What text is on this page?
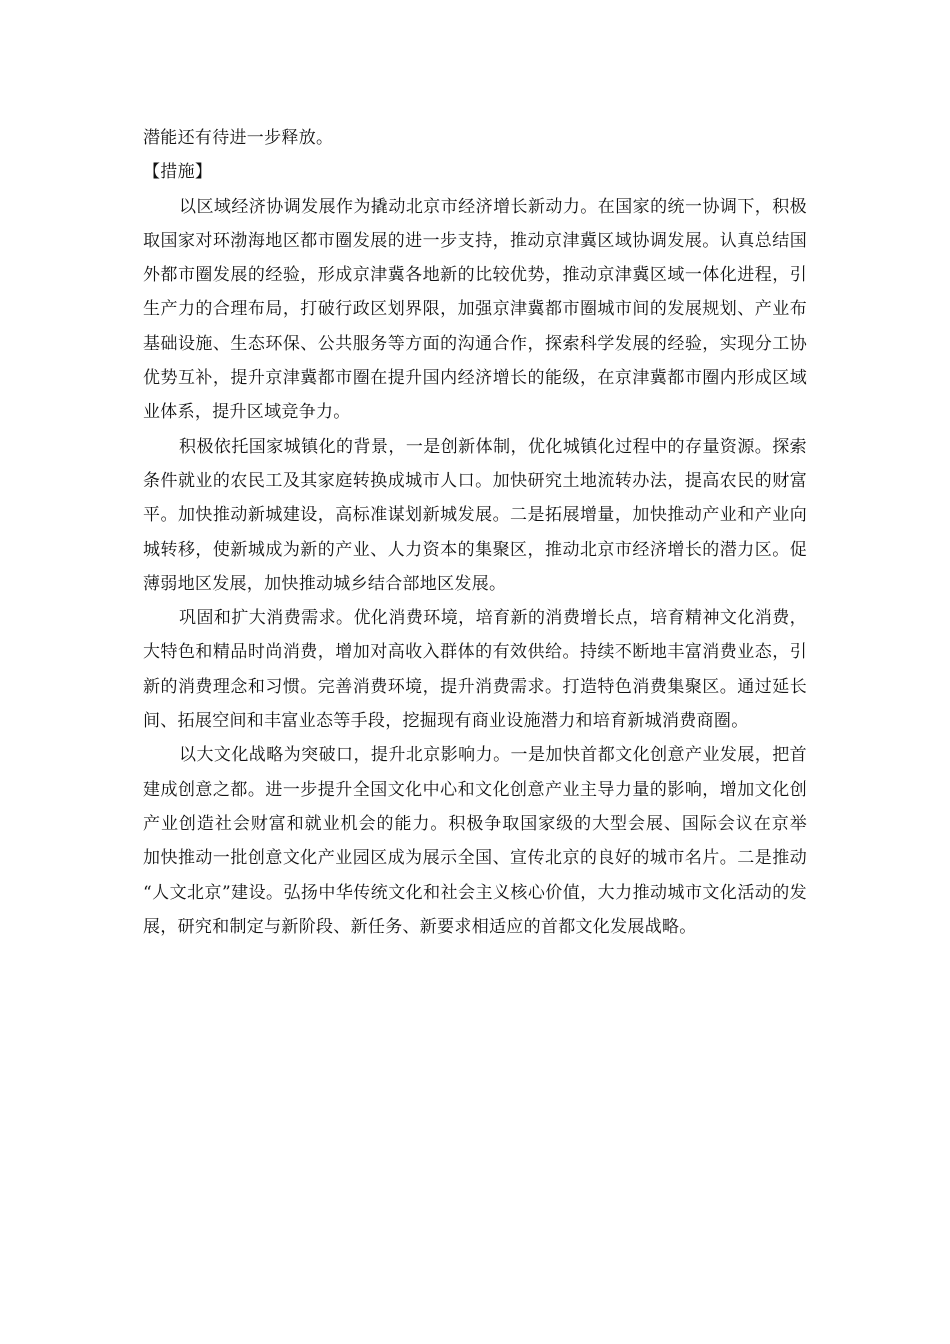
潜能还有待进一步释放。
【措施】
以区域经济协调发展作为撬动北京市经济增长新动力。在国家的统一协调下，积极
取国家对环渤海地区都市圈发展的进一步支持，推动京津冀区域协调发展。认真总结国
外都市圈发展的经验，形成京津冀各地新的比较优势，推动京津冀区域一体化进程，引
生产力的合理布局，打破行政区划界限，加强京津冀都市圈城市间的发展规划、产业布
基础设施、生态环保、公共服务等方面的沟通合作，探索科学发展的经验，实现分工协
优势互补，提升京津冀都市圈在提升国内经济增长的能级，在京津冀都市圈内形成区域
业体系，提升区域竞争力。
积极依托国家城镇化的背景，一是创新体制，优化城镇化过程中的存量资源。探索
条件就业的农民工及其家庭转换成城市人口。加快研究土地流转办法，提高农民的财富
平。加快推动新城建设，高标准谋划新城发展。二是拓展增量，加快推动产业和产业向
城转移，使新城成为新的产业、人力资本的集聚区，推动北京市经济增长的潜力区。促
薄弱地区发展，加快推动城乡结合部地区发展。
巩固和扩大消费需求。优化消费环境，培育新的消费增长点，培育精神文化消费，
大特色和精品时尚消费，增加对高收入群体的有效供给。持续不断地丰富消费业态，引
新的消费理念和习惯。完善消费环境，提升消费需求。打造特色消费集聚区。通过延长
间、拓展空间和丰富业态等手段，挖掘现有商业设施潜力和培育新城消费商圈。
以大文化战略为突破口，提升北京影响力。一是加快首都文化创意产业发展，把首
建成创意之都。进一步提升全国文化中心和文化创意产业主导力量的影响，增加文化创
产业创造社会财富和就业机会的能力。积极争取国家级的大型会展、国际会议在京举
加快推动一批创意文化产业园区成为展示全国、宣传北京的良好的城市名片。二是推动
“人文北京”建设。弘扬中华传统文化和社会主义核心价值，大力推动城市文化活动的发
展，研究和制定与新阶段、新任务、新要求相适应的首都文化发展战略。
